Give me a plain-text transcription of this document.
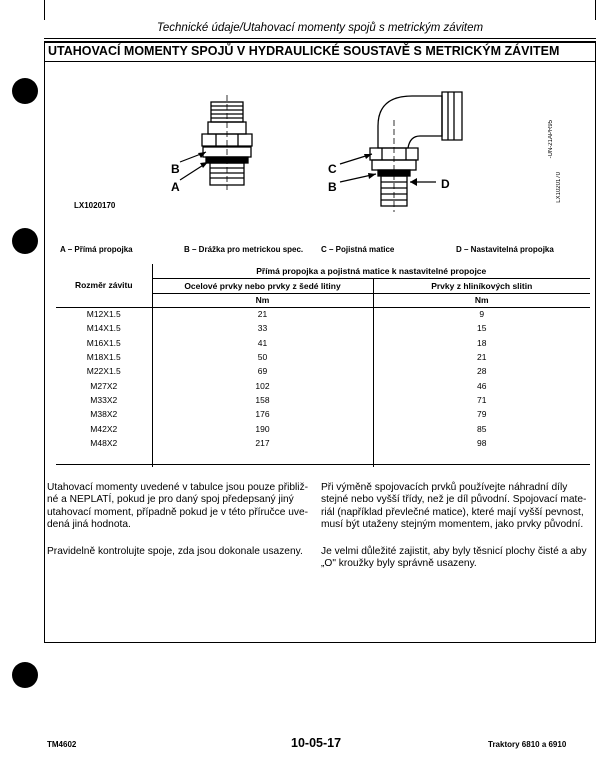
Technické údaje/Utahovací momenty spojů s metrickým závitem
UTAHOVACÍ MOMENTY SPOJŮ V HYDRAULICKÉ SOUSTAVĚ S METRICKÝM ZÁVITEM
B
A
C
B	D
LX1020170
-UN-21APR95
LX1020170
A – Přímá propojka	B – Drážka pro metrickou spec. C – Pojistná matice	D – Nastavitelná propojka
Rozměr závitu	Přímá propojka a pojistná matice k nastavitelné propojce	
	Ocelové prvky nebo prvky z šedé litiny	Prvky z hliníkových slitin
	Nm	Nm
M12X1.5	21	9
M14X1.5	33	15
M16X1.5	41	18
M18X1.5	50	21
M22X1.5	69	28
M27X2	102	46
M33X2	158	71
M38X2	176	79
M42X2	190	85
M48X2	217	98

Utahovací momenty uvedené v tabulce jsou pouze přibliž-né a NEPLATÍ, pokud je pro daný spoj předepsaný jiný utahovací moment, případně pokud je v této příručce uve-dená jiná hodnota.
Pravidelně kontrolujte spoje, zda jsou dokonale usazeny.
Při výměně spojovacích prvků používejte náhradní díly stejné nebo vyšší třídy, než je díl původní. Spojovací mate-riál (například převlečné matice), které mají vyšší pevnost, musí být utaženy stejným momentem, jako prvky původní.
Je velmi důležité zajistit, aby byly těsnicí plochy čisté a aby „O" kroužky byly správně usazeny.
TM4602	10-05-17	Traktory 6810 a 6910
